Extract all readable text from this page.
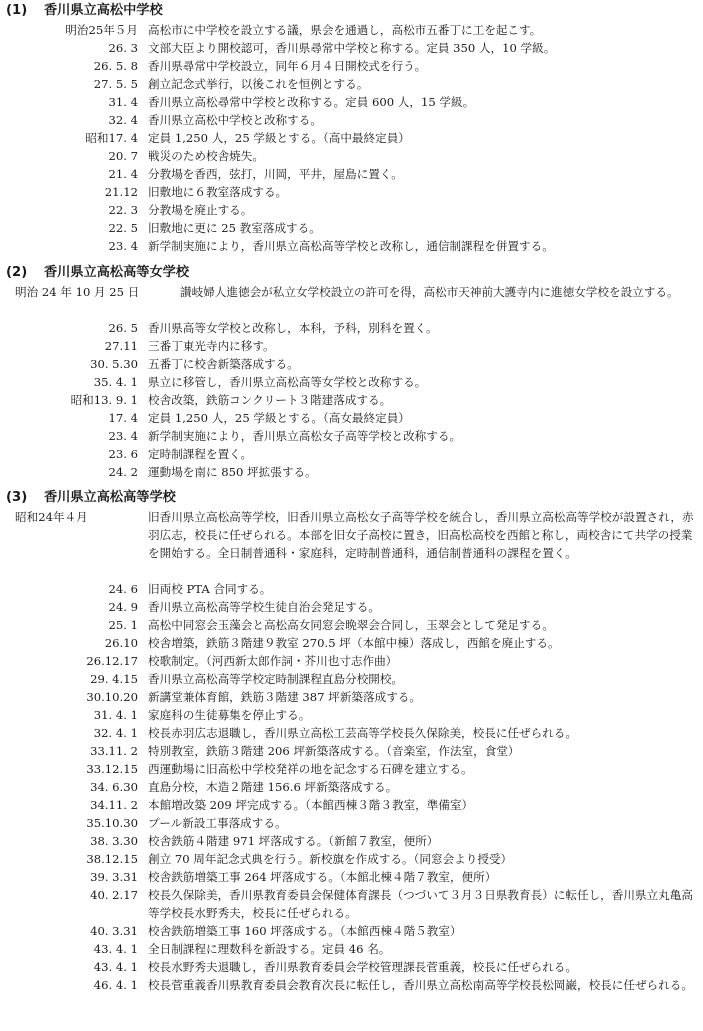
(1) 香川県立高松中学校
明治25年５月 高松市に中学校を設立する議，県会を通過し，高松市五番丁に工を起こす。
26. 3 文部大臣より開校認可，香川県尋常中学校と称する。定員 350 人，10 学級。
26. 5. 8 香川県尋常中学校設立，同年６月４日開校式を行う。
27. 5. 5 創立記念式挙行，以後これを恒例とする。
31. 4 香川県立高松尋常中学校と改称する。定員 600 人，15 学級。
32. 4 香川県立高松中学校と改称する。
昭和17. 4 定員 1,250 人，25 学級とする。（高中最終定員）
20. 7 戦災のため校舎焼失。
21. 4 分教場を香西，弦打，川岡，平井，屋島に置く。
21.12 旧敷地に６教室落成する。
22. 3 分教場を廃止する。
22. 5 旧敷地に更に 25 教室落成する。
23. 4 新学制実施により，香川県立高松高等学校と改称し，通信制課程を併置する。
(2) 香川県立高松高等女学校
明治 24 年 10 月 25 日	讃岐婦人進徳会が私立女学校設立の許可を得，高松市天神前大護寺内に進徳女学校を設立する。
26. 5 香川県高等女学校と改称し，本科，予科，別科を置く。
27.11 三番丁東光寺内に移す。
30. 5.30 五番丁に校舎新築落成する。
35. 4. 1 県立に移管し，香川県立高松高等女学校と改称する。
昭和13. 9. 1 校舎改築，鉄筋コンクリート３階建落成する。
17. 4 定員 1,250 人，25 学級とする。（高女最終定員）
23. 4 新学制実施により，香川県立高松女子高等学校と改称する。
23. 6 定時制課程を置く。
24. 2 運動場を南に 850 坪拡張する。
(3) 香川県立高松高等学校
昭和24年４月	旧香川県立高松高等学校，旧香川県立高松女子高等学校を統合し，香川県立高松高等学校が設置され，赤羽広志，校長に任ぜられる。本部を旧女子高校に置き，旧高松高校を西館と称し，両校舎にて共学の授業を開始する。全日制普通科・家庭科，定時制普通科，通信制普通科の課程を置く。
24. 6 旧両校 PTA 合同する。
24. 9 香川県立高松高等学校生徒自治会発足する。
25. 1 高松中同窓会玉藻会と高松高女同窓会晩翠会合同し，玉翠会として発足する。
26.10 校舎増築，鉄筋３階建９教室 270.5 坪（本館中棟）落成し，西館を廃止する。
26.12.17 校歌制定。（河西新太郎作詞・芥川也寸志作曲）
29. 4.15 香川県立高松高等学校定時制課程直島分校開校。
30.10.20 新講堂兼体育館，鉄筋３階建 387 坪新築落成する。
31. 4. 1 家庭科の生徒募集を停止する。
32. 4. 1 校長赤羽広志退職し，香川県立高松工芸高等学校長久保除美，校長に任ぜられる。
33.11. 2 特別教室，鉄筋３階建 206 坪新築落成する。（音楽室，作法室，食堂）
33.12.15 西運動場に旧高松中学校発祥の地を記念する石碑を建立する。
34. 6.30 直島分校，木造２階建 156.6 坪新築落成する。
34.11. 2 本館増改築 209 坪完成する。（本館西棟３階３教室，準備室）
35.10.30 プール新設工事落成する。
38. 3.30 校舎鉄筋４階建 971 坪落成する。（新館７教室，便所）
38.12.15 創立 70 周年記念式典を行う。新校旗を作成する。（同窓会より授受）
39. 3.31 校舎鉄筋増築工事 264 坪落成する。（本館北棟４階７教室，便所）
40. 2.17 校長久保除美，香川県教育委員会保健体育課長（つづいて３月３日県教育長）に転任し，香川県立丸亀高等学校長水野秀夫，校長に任ぜられる。
40. 3.31 校舎鉄筋増築工事 160 坪落成する。（本館西棟４階５教室）
43. 4. 1 全日制課程に理数科を新設する。定員 46 名。
43. 4. 1 校長水野秀夫退職し，香川県教育委員会学校管理課長菅重義，校長に任ぜられる。
46. 4. 1 校長菅重義香川県教育委員会教育次長に転任し，香川県立高松南高等学校長松岡巌，校長に任ぜられる。
